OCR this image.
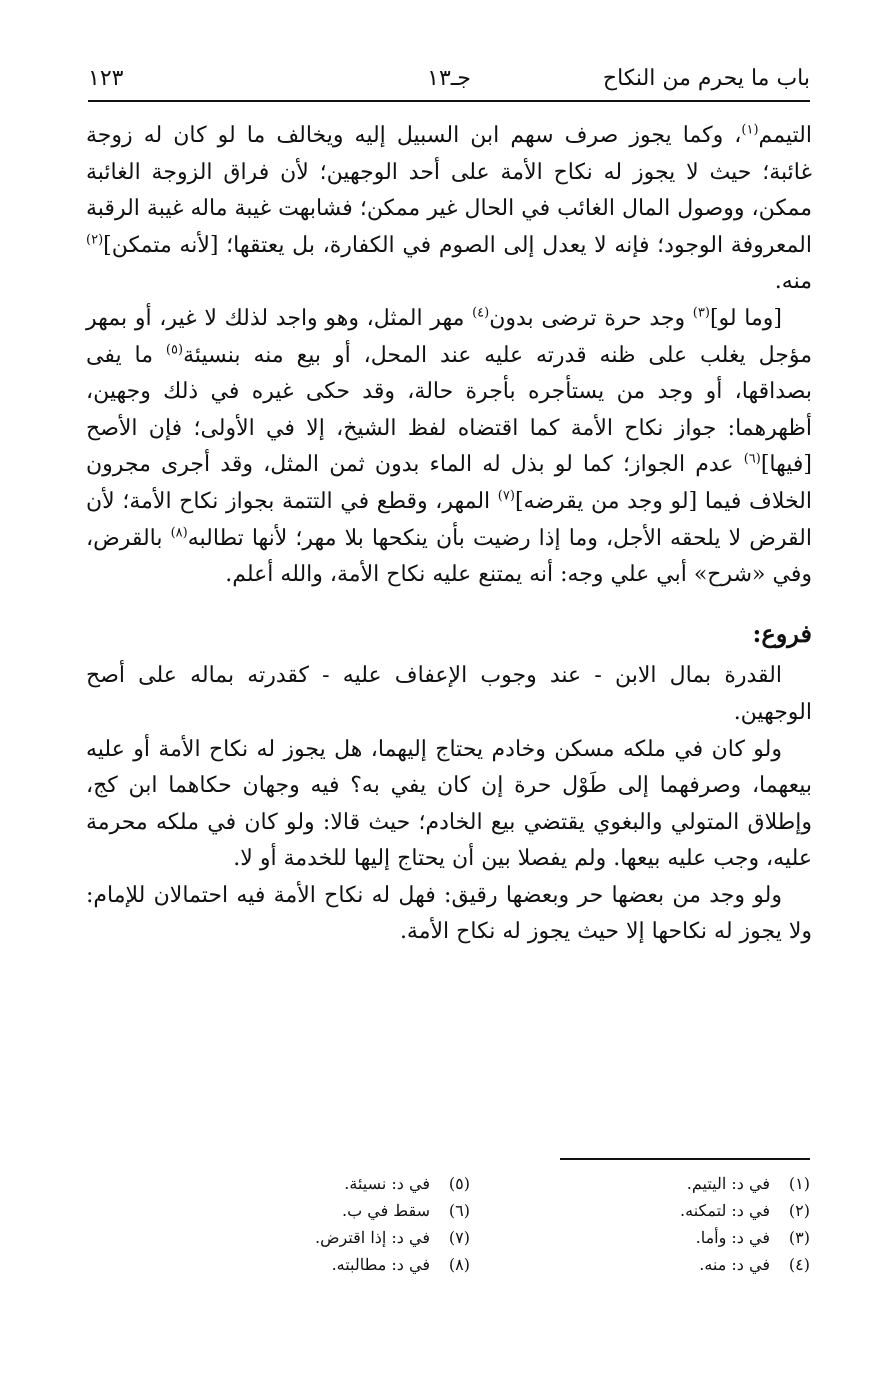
باب ما يحرم من النكاح
جـ١٣
١٢٣

التيمم$^{(١)}$، وكما يجوز صرف سهم ابن السبيل إليه ويخالف ما لو كان له زوجة غائبة؛ حيث لا يجوز له نكاح الأمة على أحد الوجهين؛ لأن فراق الزوجة الغائبة ممكن، ووصول المال الغائب في الحال غير ممكن؛ فشابهت غيبة ماله غيبة الرقبة المعروفة الوجود؛ فإنه لا يعدل إلى الصوم في الكفارة، بل يعتقها؛ [لأنه متمكن]$^{(٢)}$ منه.

[وما لو]$^{(٣)}$ وجد حرة ترضى بدون$^{(٤)}$ مهر المثل، وهو واجد لذلك لا غير، أو بمهر مؤجل يغلب على ظنه قدرته عليه عند المحل، أو بيع منه بنسيئة$^{(٥)}$ ما يفى بصداقها، أو وجد من يستأجره بأجرة حالة، وقد حكى غيره في ذلك وجهين، أظهرهما: جواز نكاح الأمة كما اقتضاه لفظ الشيخ، إلا في الأولى؛ فإن الأصح [فيها]$^{(٦)}$ عدم الجواز؛ كما لو بذل له الماء بدون ثمن المثل، وقد أجرى مجرون الخلاف فيما [لو وجد من يقرضه]$^{(٧)}$ المهر، وقطع في التتمة بجواز نكاح الأمة؛ لأن القرض لا يلحقه الأجل، وما إذا رضيت بأن ينكحها بلا مهر؛ لأنها تطالبه$^{(٨)}$ بالقرض، وفي «شرح» أبي علي وجه: أنه يمتنع عليه نكاح الأمة، والله أعلم.

فروع:

القدرة بمال الابن - عند وجوب الإعفاف عليه - كقدرته بماله على أصح الوجهين.

ولو كان في ملكه مسكن وخادم يحتاج إليهما، هل يجوز له نكاح الأمة أو عليه بيعهما، وصرفهما إلى طَوْل حرة إن كان يفي به؟ فيه وجهان حكاهما ابن كج، وإطلاق المتولي والبغوي يقتضي بيع الخادم؛ حيث قالا: ولو كان في ملكه محرمة عليه، وجب عليه بيعها. ولم يفصلا بين أن يحتاج إليها للخدمة أو لا.

ولو وجد من بعضها حر وبعضها رقيق: فهل له نكاح الأمة فيه احتمالان للإمام: ولا يجوز له نكاحها إلا حيث يجوز له نكاح الأمة.

(١)في د: اليتيم.
(٢)في د: لتمكنه.
(٣)في د: وأما.
(٤)في د: منه.
(٥)في د: نسيئة.
(٦)سقط في ب.
(٧)في د: إذا اقترض.
(٨)في د: مطالبته.
